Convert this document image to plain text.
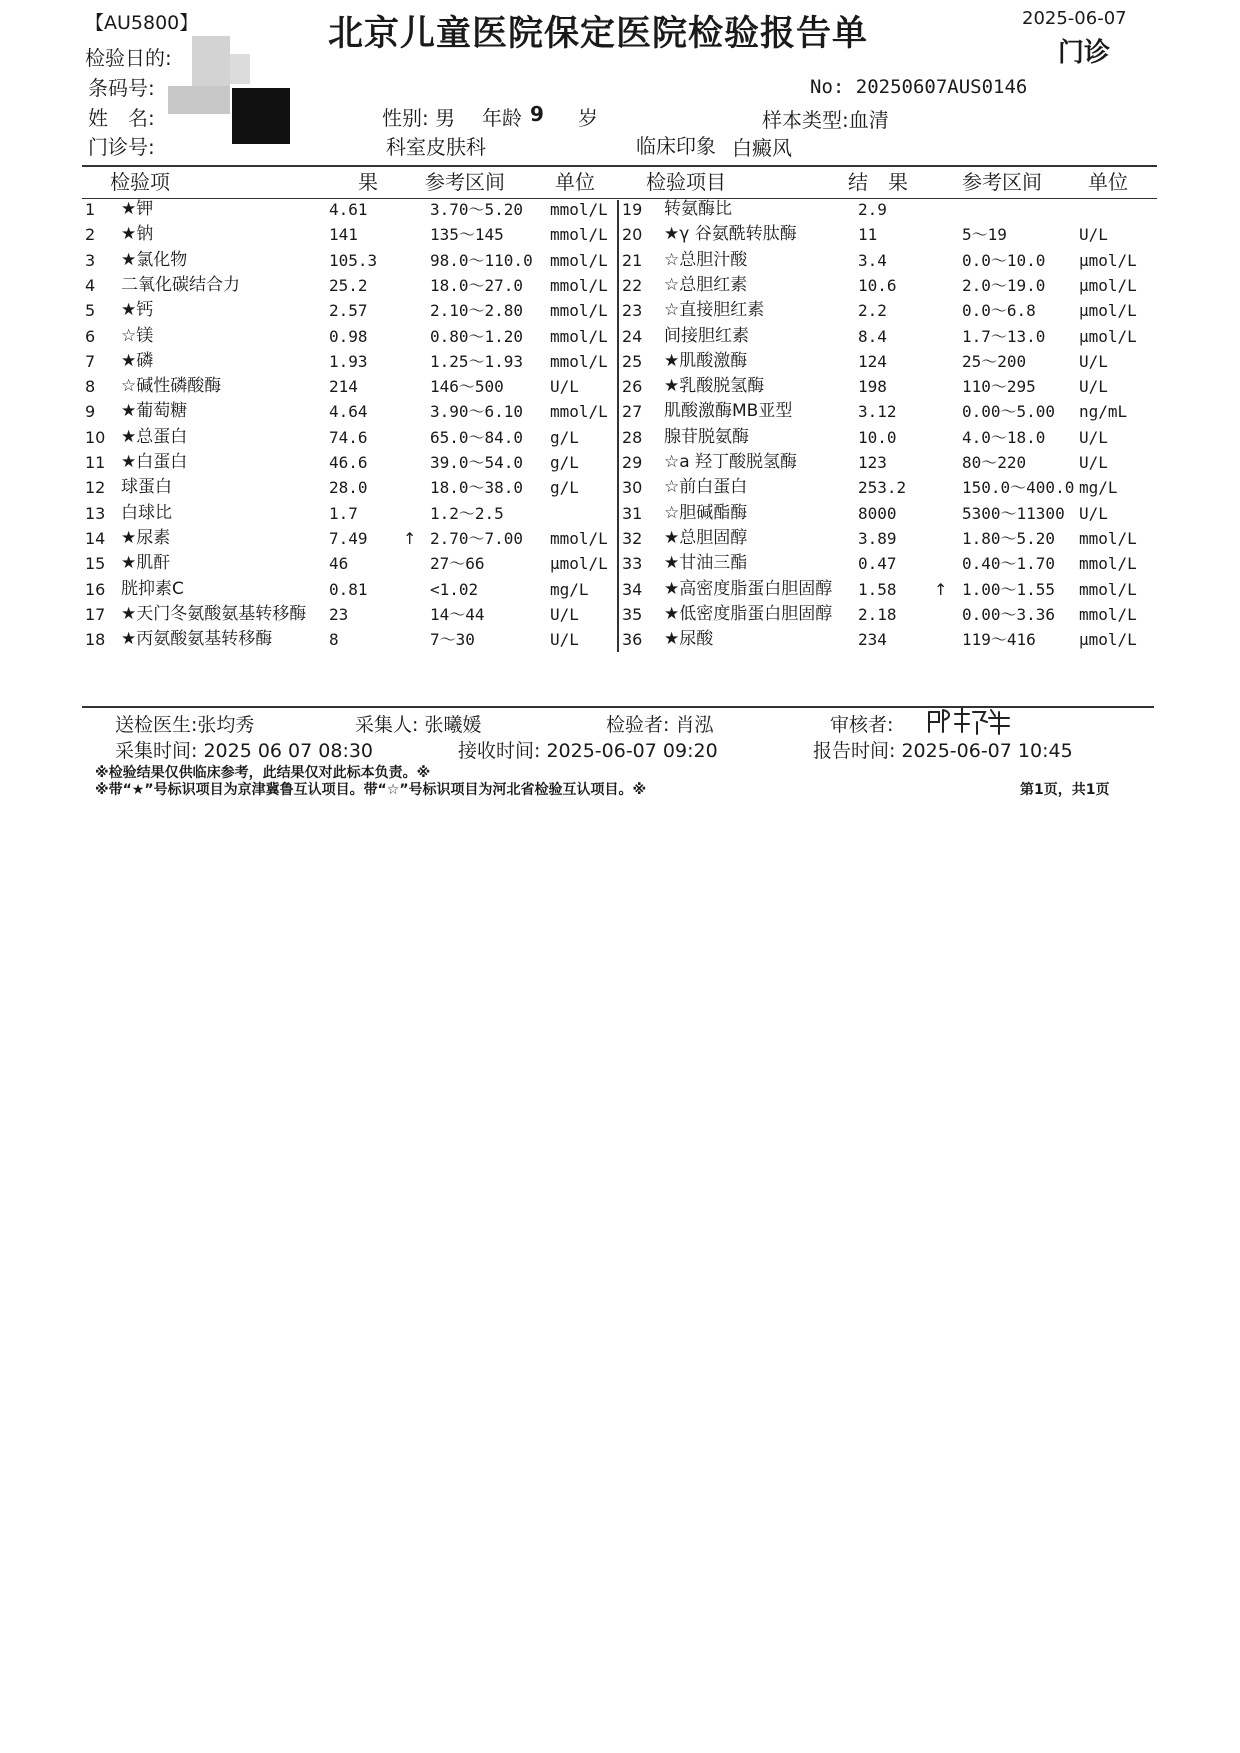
【AU5800】	北京儿童医院保定医院检验报告单	2025-06-07
门诊
检验日的:
条码号:
姓　名:
门诊号:
性别: 男 年龄 9 岁
科室皮肤科
No: 20250607AUS0146
样本类型:血清
临床印象 白癜风
检验项	果 参考区间	单位	检验项目	结　果	参考区间 单位
1 ★钾	4.61	3.70～5.20 mmol/L
2 ★钠	141	135～145	mmol/L
3 ★氯化物	105.3	98.0～110.0 mmol/L
4 二氧化碳结合力	25.2	18.0～27.0 mmol/L
5 ★钙	2.57	2.10～2.80 mmol/L
6 ☆镁	0.98	0.80～1.20 mmol/L
7 ★磷	1.93	1.25～1.93 mmol/L
8 ☆碱性磷酸酶	214	146～500	U/L
9 ★葡萄糖	4.64	3.90～6.10 mmol/L
10 ★总蛋白	74.6	65.0～84.0 g/L
11 ★白蛋白	46.6	39.0～54.0 g/L
12 球蛋白	28.0	18.0～38.0 g/L
13 白球比	1.7	1.2～2.5
14 ★尿素	7.49 ↑ 2.70～7.00 mmol/L
15 ★肌酐	46	27～66	μmol/L
16 胱抑素C	0.81	<1.02	mg/L
17 ★天门冬氨酸氨基转移酶 23	14～44	U/L
18 ★丙氨酸氨基转移酶	8	7～30	U/L
19 转氨酶比	2.9
20 ★γ 谷氨酰转肽酶	11	5～19	U/L
21 ☆总胆汁酸	3.4	0.0～10.0 μmol/L
22 ☆总胆红素	10.6	2.0～19.0 μmol/L
23 ☆直接胆红素	2.2	0.0～6.8	μmol/L
24 间接胆红素	8.4	1.7～13.0 μmol/L
25 ★肌酸激酶	124	25～200	U/L
26 ★乳酸脱氢酶	198	110～295	U/L
27 肌酸激酶MB亚型	3.12	0.00～5.00 ng/mL
28 腺苷脱氨酶	10.0	4.0～18.0 U/L
29 ☆a 羟丁酸脱氢酶	123	80～220	U/L
30 ☆前白蛋白	253.2	150.0～400.0 mg/L
31 ☆胆碱酯酶	8000	5300～11300 U/L
32 ★总胆固醇	3.89	1.80～5.20 mmol/L
33 ★甘油三酯	0.47	0.40～1.70 mmol/L
34 ★高密度脂蛋白胆固醇 1.58 ↑ 1.00～1.55 mmol/L
35 ★低密度脂蛋白胆固醇 2.18	0.00～3.36 mmol/L
36 ★尿酸	234	119～416	μmol/L
送检医生:张均秀	采集人: 张曦媛	检验者: 肖泓	审核者:
采集时间: 2025 06 07 08:30	接收时间: 2025-06-07 09:20	报告时间: 2025-06-07 10:45
※检验结果仅供临床参考，此结果仅对此标本负责。※
※带“★”号标识项目为京津冀鲁互认项目。带“☆”号标识项目为河北省检验互认项目。※	第1页，共1页
